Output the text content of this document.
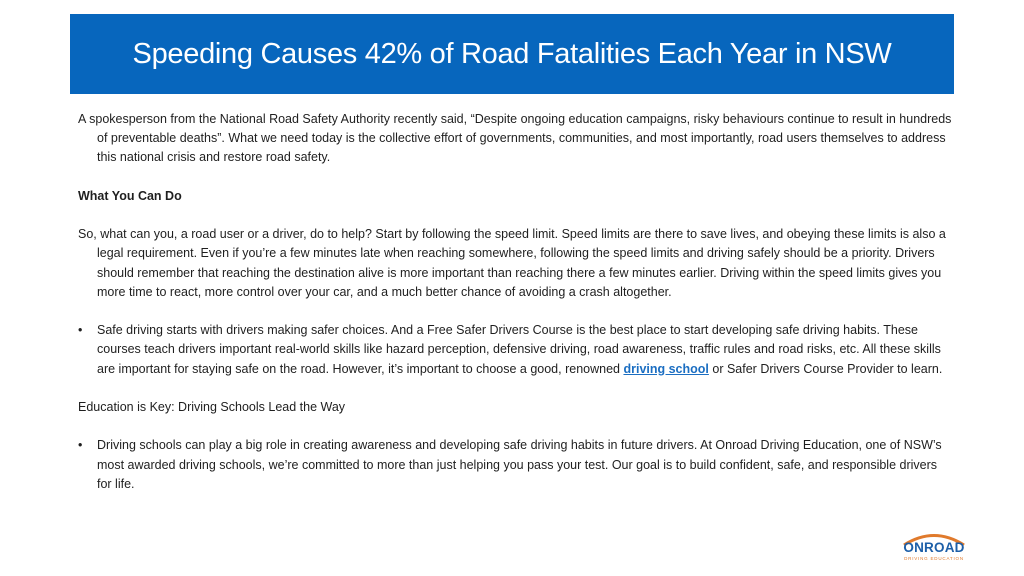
Speeding Causes 42% of Road Fatalities Each Year in NSW

A spokesperson from the National Road Safety Authority recently said, “Despite ongoing education campaigns, risky behaviours continue to result in hundreds of preventable deaths”. What we need today is the collective effort of governments, communities, and most importantly, road users themselves to address this national crisis and restore road safety.

What You Can Do

So, what can you, a road user or a driver, do to help? Start by following the speed limit. Speed limits are there to save lives, and obeying these limits is also a legal requirement. Even if you’re a few minutes late when reaching somewhere, following the speed limits and driving safely should be a priority. Drivers should remember that reaching the destination alive is more important than reaching there a few minutes earlier. Driving within the speed limits gives you more time to react, more control over your car, and a much better chance of avoiding a crash altogether.

• Safe driving starts with drivers making safer choices. And a Free Safer Drivers Course is the best place to start developing safe driving habits. These courses teach drivers important real-world skills like hazard perception, defensive driving, road awareness, traffic rules and road risks, etc. All these skills are important for staying safe on the road. However, it’s important to choose a good, renowned driving school or Safer Drivers Course Provider to learn.

Education is Key: Driving Schools Lead the Way

• Driving schools can play a big role in creating awareness and developing safe driving habits in future drivers. At Onroad Driving Education, one of NSW’s most awarded driving schools, we’re committed to more than just helping you pass your test. Our goal is to build confident, safe, and responsible drivers for life.

ONROAD
DRIVING EDUCATION
